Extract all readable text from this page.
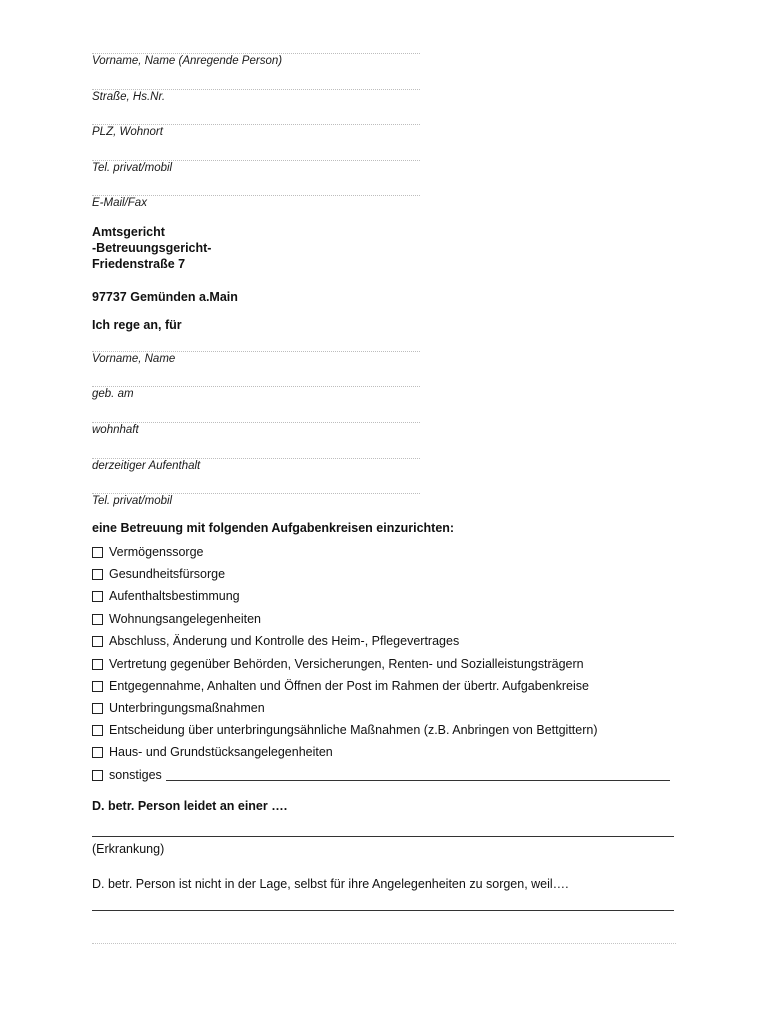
Vorname, Name (Anregende Person)
Straße, Hs.Nr.
PLZ, Wohnort
Tel. privat/mobil
E-Mail/Fax
Amtsgericht
-Betreuungsgericht-
Friedenstraße 7
97737 Gemünden a.Main
Ich rege an, für
Vorname, Name
geb. am
wohnhaft
derzeitiger Aufenthalt
Tel. privat/mobil
eine Betreuung mit folgenden Aufgabenkreisen einzurichten:
Vermögenssorge
Gesundheitsfürsorge
Aufenthaltsbestimmung
Wohnungsangelegenheiten
Abschluss, Änderung und Kontrolle des Heim-, Pflegevertrages
Vertretung gegenüber Behörden, Versicherungen, Renten- und Sozialleistungsträgern
Entgegennahme, Anhalten und Öffnen der Post im Rahmen der übertr. Aufgabenkreise
Unterbringungsmaßnahmen
Entscheidung über unterbringungsähnliche Maßnahmen (z.B. Anbringen von Bettgittern)
Haus- und Grundstücksangelegenheiten
sonstiges
D. betr. Person leidet an einer ….
(Erkrankung)
D. betr. Person ist nicht in der Lage, selbst für ihre Angelegenheiten zu sorgen, weil….
